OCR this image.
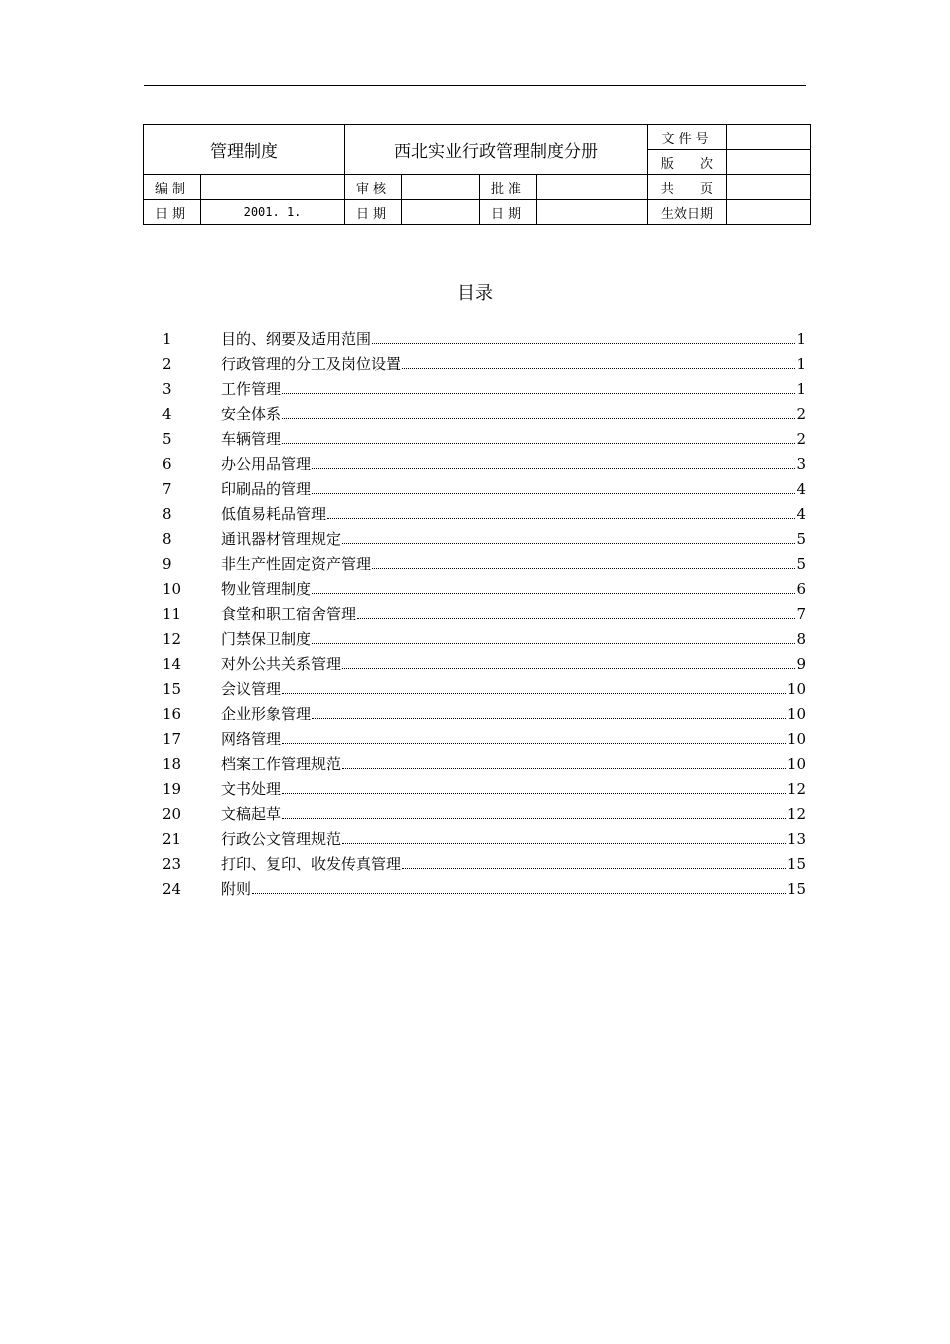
管理制度		西北实业行政管理制度分册				文件号	
						版 次	
编制		审核		批准		共 页	
日期	2001. 1.	日期		日期		生效日期	
目录
1	目的、纲要及适用范围	1
2	行政管理的分工及岗位设置	1
3	工作管理	1
4	安全体系	2
5	车辆管理	2
6	办公用品管理	3
7	印刷品的管理	4
8	低值易耗品管理	4
8	通讯器材管理规定	5
9	非生产性固定资产管理	5
10	物业管理制度	6
11	食堂和职工宿舍管理	7
12	门禁保卫制度	8
14	对外公共关系管理	9
15	会议管理	10
16	企业形象管理	10
17	网络管理	10
18	档案工作管理规范	10
19	文书处理	12
20	文稿起草	12
21	行政公文管理规范	13
23	打印、复印、收发传真管理	15
24	附则	15
